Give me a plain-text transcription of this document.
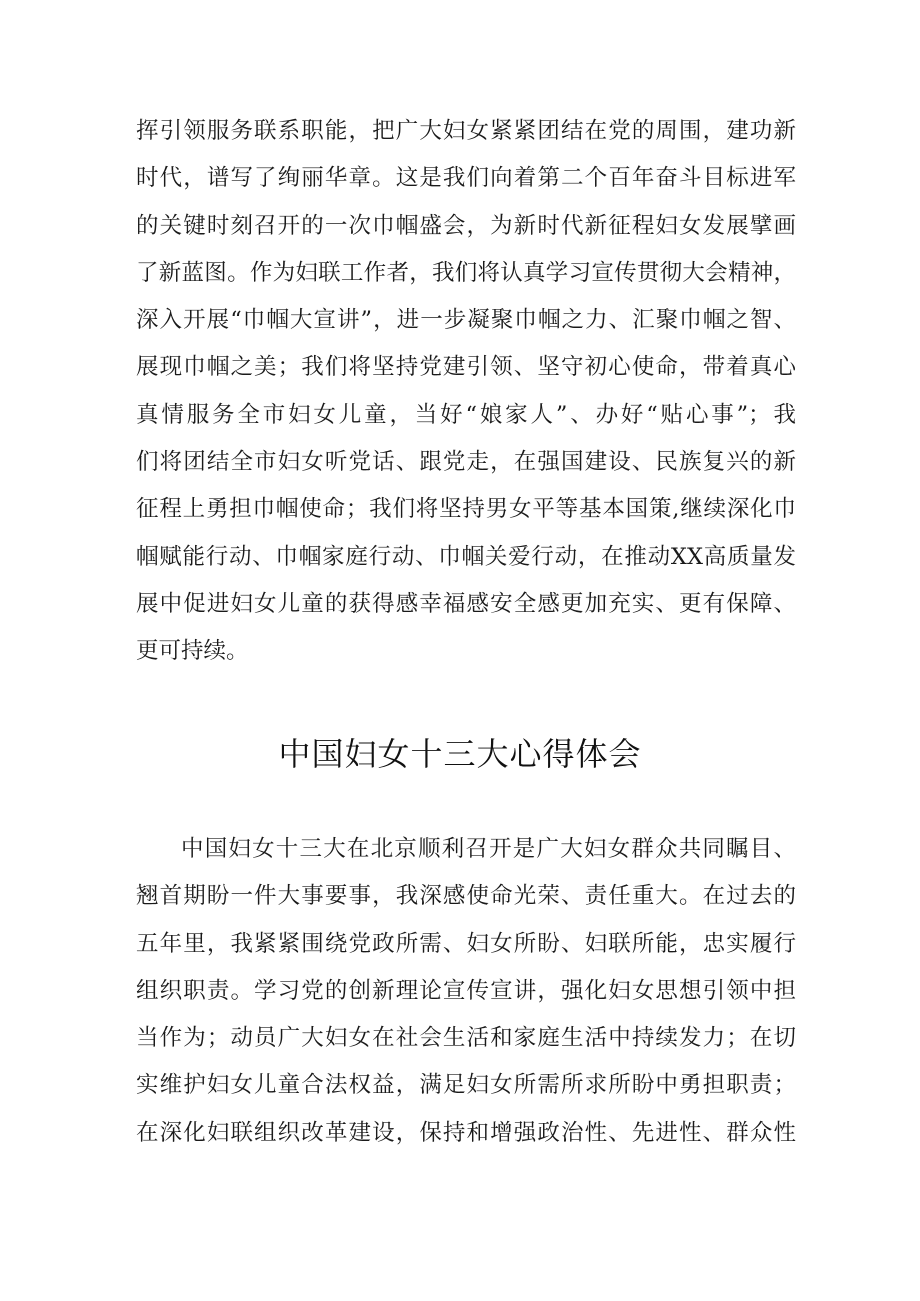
挥引领服务联系职能，把广大妇女紧紧团结在党的周围，建功新
时代，谱写了绚丽华章。这是我们向着第二个百年奋斗目标进军
的关键时刻召开的一次巾帼盛会，为新时代新征程妇女发展擘画
了新蓝图。作为妇联工作者，我们将认真学习宣传贯彻大会精神，
深入开展“巾帼大宣讲”，进一步凝聚巾帼之力、汇聚巾帼之智、
展现巾帼之美；我们将坚持党建引领、坚守初心使命，带着真心
真情服务全市妇女儿童，当好“娘家人”、办好“贴心事”；我
们将团结全市妇女听党话、跟党走，在强国建设、民族复兴的新
征程上勇担巾帼使命；我们将坚持男女平等基本国策,继续深化巾
帼赋能行动、巾帼家庭行动、巾帼关爱行动，在推动XX高质量发
展中促进妇女儿童的获得感幸福感安全感更加充实、更有保障、
更可持续。
中国妇女十三大心得体会
中国妇女十三大在北京顺利召开是广大妇女群众共同瞩目、
翘首期盼一件大事要事，我深感使命光荣、责任重大。在过去的
五年里，我紧紧围绕党政所需、妇女所盼、妇联所能，忠实履行
组织职责。学习党的创新理论宣传宣讲，强化妇女思想引领中担
当作为；动员广大妇女在社会生活和家庭生活中持续发力；在切
实维护妇女儿童合法权益，满足妇女所需所求所盼中勇担职责；
在深化妇联组织改革建设，保持和增强政治性、先进性、群众性
